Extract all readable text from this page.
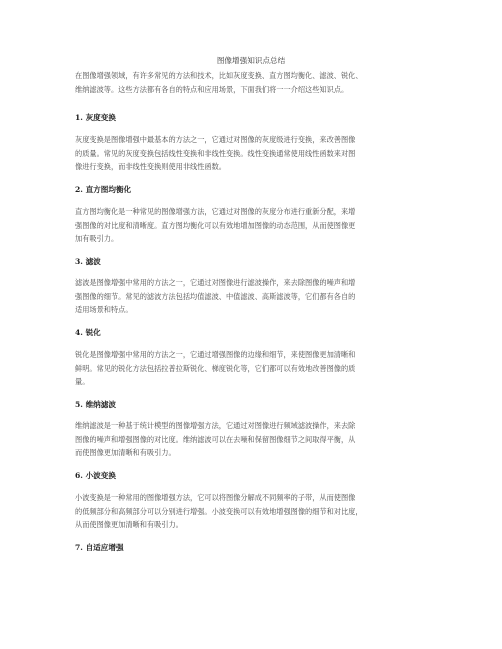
图像增强知识点总结

在图像增强领域，有许多常见的方法和技术，比如灰度变换、直方图均衡化、滤波、锐化、
维纳滤波等。这些方法都有各自的特点和应用场景，下面我们将一一介绍这些知识点。

1. 灰度变换

灰度变换是图像增强中最基本的方法之一，它通过对图像的灰度级进行变换，来改善图像
的质量。常见的灰度变换包括线性变换和非线性变换。线性变换通常使用线性函数来对图
像进行变换，而非线性变换则使用非线性函数。

2. 直方图均衡化

直方图均衡化是一种常见的图像增强方法，它通过对图像的灰度分布进行重新分配，来增
强图像的对比度和清晰度。直方图均衡化可以有效地增加图像的动态范围，从而使图像更
加有吸引力。

3. 滤波

滤波是图像增强中常用的方法之一，它通过对图像进行滤波操作，来去除图像的噪声和增
强图像的细节。常见的滤波方法包括均值滤波、中值滤波、高斯滤波等，它们都有各自的
适用场景和特点。

4. 锐化

锐化是图像增强中常用的方法之一，它通过增强图像的边缘和细节，来使图像更加清晰和
鲜明。常见的锐化方法包括拉普拉斯锐化、梯度锐化等，它们都可以有效地改善图像的质
量。

5. 维纳滤波

维纳滤波是一种基于统计模型的图像增强方法，它通过对图像进行频域滤波操作，来去除
图像的噪声和增强图像的对比度。维纳滤波可以在去噪和保留图像细节之间取得平衡，从
而使图像更加清晰和有吸引力。

6. 小波变换

小波变换是一种常用的图像增强方法，它可以将图像分解成不同频率的子带，从而使图像
的低频部分和高频部分可以分别进行增强。小波变换可以有效地增强图像的细节和对比度，
从而使图像更加清晰和有吸引力。

7. 自适应增强
